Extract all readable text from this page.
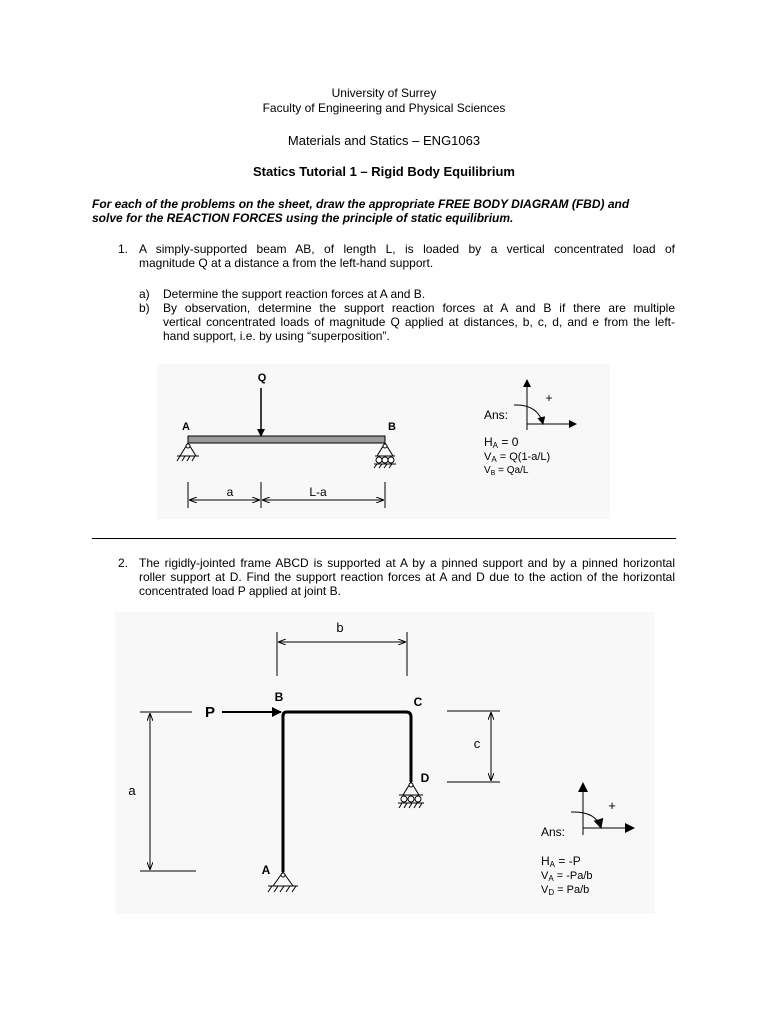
University of Surrey
Faculty of Engineering and Physical Sciences
Materials and Statics – ENG1063
Statics Tutorial 1 – Rigid Body Equilibrium
For each of the problems on the sheet, draw the appropriate FREE BODY DIAGRAM (FBD) and
solve for the REACTION FORCES using the principle of static equilibrium.
1. A simply-supported beam AB, of length L, is loaded by a vertical concentrated load of
magnitude Q at a distance a from the left-hand support.
a) Determine the support reaction forces at A and B.
b) By observation, determine the support reaction forces at A and B if there are multiple
vertical concentrated loads of magnitude Q applied at distances, b, c, d, and e from the left-
hand support, i.e. by using “superposition”.
Q
A	B
a	L-a
+
Ans:
HA = 0
VA = Q(1-a/L)
$V_B = Qa/L$
2. The rigidly-jointed frame ABCD is supported at A by a pinned support and by a pinned horizontal
roller support at D. Find the support reaction forces at A and D due to the action of the horizontal
concentrated load P applied at joint B.
b
P
B	C
D
A
a
c
+
Ans:
HA = -P
VA = -Pa/b
VD = Pa/b
